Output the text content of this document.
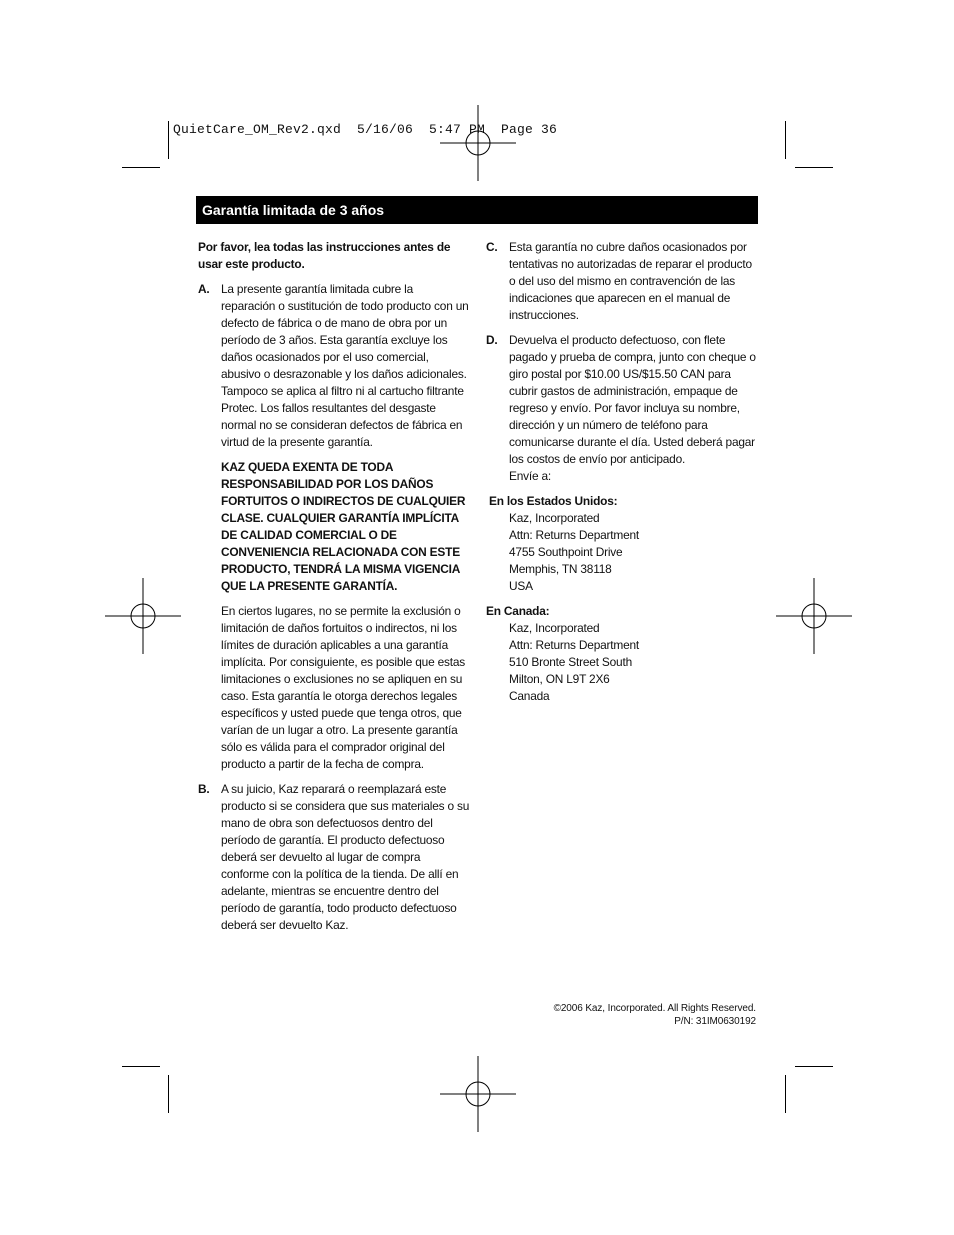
QuietCare_OM_Rev2.qxd  5/16/06  5:47 PM  Page 36
Garantía limitada de 3 años

Por favor, lea todas las instrucciones antes de usar este producto.

A. La presente garantía limitada cubre la reparación o sustitución de todo producto con un defecto de fábrica o de mano de obra por un período de 3 años. Esta garantía excluye los daños ocasionados por el uso comercial, abusivo o desrazonable y los daños adicionales. Tampoco se aplica al filtro ni al cartucho filtrante Protec. Los fallos resultantes del desgaste normal no se consideran defectos de fábrica en virtud de la presente garantía.

KAZ QUEDA EXENTA DE TODA RESPONSABILIDAD POR LOS DAÑOS FORTUITOS O INDIRECTOS DE CUALQUIER CLASE. CUALQUIER GARANTÍA IMPLÍCITA DE CALIDAD COMERCIAL O DE CONVENIENCIA RELACIONADA CON ESTE PRODUCTO, TENDRÁ LA MISMA VIGENCIA QUE LA PRESENTE GARANTÍA.

En ciertos lugares, no se permite la exclusión o limitación de daños fortuitos o indirectos, ni los límites de duración aplicables a una garantía implícita. Por consiguiente, es posible que estas limitaciones o exclusiones no se apliquen en su caso. Esta garantía le otorga derechos legales específicos y usted puede que tenga otros, que varían de un lugar a otro. La presente garantía sólo es válida para el comprador original del producto a partir de la fecha de compra.

B. A su juicio, Kaz reparará o reemplazará este producto si se considera que sus materiales o su mano de obra son defectuosos dentro del período de garantía. El producto defectuoso deberá ser devuelto al lugar de compra conforme con la política de la tienda. De allí en adelante, mientras se encuentre dentro del período de garantía, todo producto defectuoso deberá ser devuelto Kaz.

C. Esta garantía no cubre daños ocasionados por tentativas no autorizadas de reparar el producto o del uso del mismo en contravención de las indicaciones que aparecen en el manual de instrucciones.

D. Devuelva el producto defectuoso, con flete pagado y prueba de compra, junto con cheque o giro postal por $10.00 US/$15.50 CAN para cubrir gastos de administración, empaque de regreso y envío. Por favor incluya su nombre, dirección y un número de teléfono para comunicarse durante el día. Usted deberá pagar los costos de envío por anticipado.

Envíe a:

En los Estados Unidos:

Kaz, Incorporated
Attn: Returns Department
4755 Southpoint Drive
Memphis, TN 38118
USA

En Canada:

Kaz, Incorporated
Attn: Returns Department
510 Bronte Street South
Milton, ON L9T 2X6
Canada
©2006 Kaz, Incorporated. All Rights Reserved.
P/N: 31IM0630192
